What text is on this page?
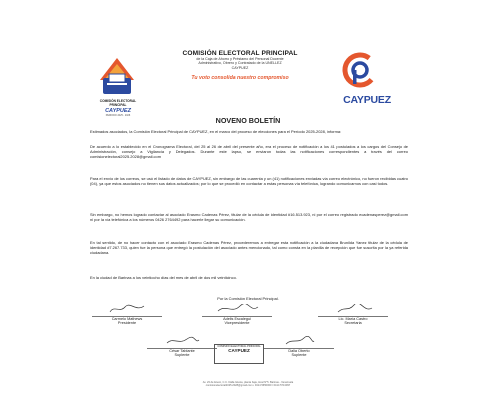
COMISIÓN ELECTORAL
PRINCIPAL
CAYPUEZ
PERIODO 2025 - 2028
COMISIÓN ELECTORAL PRINCIPAL
de la Caja de Ahorro y Préstamo del Personal Docente
Administrativo, Obrero y Contratado de la UNELLEZ
CAYPUEZ
Tu voto consolida nuestro compromiso
CAYPUEZ
NOVENO BOLETÍN

Estimados asociados, la Comisión Electoral Principal de CAYPUEZ, en el marco del proceso de elecciones para el Período 2025-2028, informa:

De acuerdo a lo establecido en el Cronograma Electoral, del 25 al 26 de abril del presente año, era el proceso de notificación a los 41 postulados a los cargos del Consejo de Administración, consejo a Vigilancia y Delegados. Durante este lapso, se enviaron todas las notificaciones correspondientes a través del correo comisionelectoral2025.2028@gmail.com

Para el envío de los correos, se usó el listado de datos de CAYPUEZ, sin embargo de las cuarenta y un (41) notificaciones enviadas vía correo electrónico, no fueron recibidas cuatro (04), ya que estos asociados no tienen sus datos actualizados; por lo que se procedió en contactar a estas personas vía telefónica, logrando comunicarnos con casi todos.

Sin embargo, no hemos logrado contactar al asociado Erasmo Cadenas Pérez, titular de la cédula de identidad #16.513.923, ni por el correo registrado ecadenasperez@gmail.com ni por la vía telefónica a los números 0426 2764492 para hacerle llegar su comunicación.

En tal sentido, de no hacer contacto con el asociado Erasmo Cadenas Pérez, procederemos a entregar esta notificación a la ciudadana Brunilda Yanez titular de la cédula de identidad #7.267.733, quien fue la persona que entregó la postulación del asociado antes mencionado, tal como consta en la planilla de recepción que fue suscrita por la ya referida ciudadana.

En la ciudad de Barinas a los veintiocho días del mes de abril de dos mil veinticinco.

Por la Comisión Electoral Principal.

Carmelo Mathews
Presidente
Adelis Escalegui
Vicepresidente
Lic. María Castro
Secretaria
César Tablante
Suplente
Dalia Oberto
Suplente
COMISIÓN ELECTORAL PRINCIPAL
CAYPUEZ
Av. 23 de Enero, C.C. Dalla Giusta, planta baja, local N°5. Barinas - Venezuela
comisionelectoral2025.2028@gmail.com • 0414 5650000 / 0414 5713097
